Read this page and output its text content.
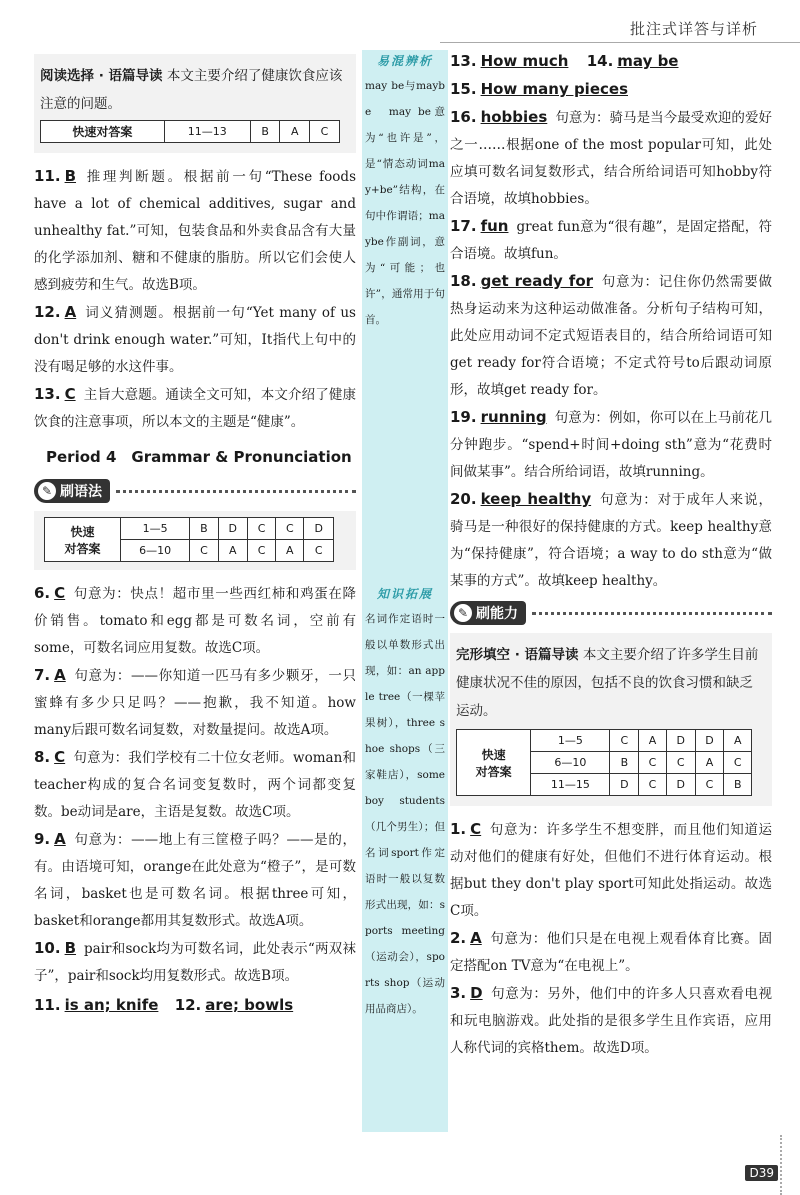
批注式详答与详析
阅读选择 · 语篇导读 本文主要介绍了健康饮食应该注意的问题。
快速对答案	11—13	B	A	C

11. B 推理判断题。根据前一句“These foods have a lot of chemical additives, sugar and unhealthy fat.”可知，包装食品和外卖食品含有大量的化学添加剂、糖和不健康的脂肪。所以它们会使人感到疲劳和生气。故选B项。

12. A 词义猜测题。根据前一句“Yet many of us don't drink enough water.”可知，It指代上句中的没有喝足够的水这件事。

13. C 主旨大意题。通读全文可知，本文介绍了健康饮食的注意事项，所以本文的主题是“健康”。

Period 4　Grammar & Pronunciation
✎ 刷语法
快速
对答案	1—5	B	D	C	C	D
	6—10	C	A	C	A	C

6. C 句意为：快点！超市里一些西红柿和鸡蛋在降价销售。tomato和egg都是可数名词，空前有some，可数名词应用复数。故选C项。

7. A 句意为：——你知道一匹马有多少颗牙，一只蜜蜂有多少只足吗？——抱歉，我不知道。how many后跟可数名词复数，对数量提问。故选A项。

8. C 句意为：我们学校有二十位女老师。woman和teacher构成的复合名词变复数时，两个词都变复数。be动词是are，主语是复数。故选C项。

9. A 句意为：——地上有三筐橙子吗？——是的，有。由语境可知，orange在此处意为“橙子”，是可数名词，basket也是可数名词。根据three可知，basket和orange都用其复数形式。故选A项。

10. B pair和sock均为可数名词，此处表示“两双袜子”，pair和sock均用复数形式。故选B项。

11. is an; knife 12. are; bowls

易混辨析
may be与maybe　may be意为“也许是”，是“情态动词may+be”结构，在句中作谓语；maybe作副词，意为“可能；也许”，通常用于句首。
知识拓展
名词作定语时一般以单数形式出现，如：an apple tree（一棵苹果树），three shoe shops（三家鞋店），some boy students（几个男生）；但名词sport作定语时一般以复数形式出现，如：sports meeting（运动会），sports shop（运动用品商店）。

13. How much 14. may be

15. How many pieces

16. hobbies 句意为：骑马是当今最受欢迎的爱好之一……根据one of the most popular可知，此处应填可数名词复数形式，结合所给词语可知hobby符合语境，故填hobbies。

17. fun great fun意为“很有趣”，是固定搭配，符合语境。故填fun。

18. get ready for 句意为：记住你仍然需要做热身运动来为这种运动做准备。分析句子结构可知，此处应用动词不定式短语表目的，结合所给词语可知get ready for符合语境；不定式符号to后跟动词原形，故填get ready for。

19. running 句意为：例如，你可以在上马前花几分钟跑步。“spend+时间+doing sth”意为“花费时间做某事”。结合所给词语，故填running。

20. keep healthy 句意为：对于成年人来说，骑马是一种很好的保持健康的方式。keep healthy意为“保持健康”，符合语境；a way to do sth意为“做某事的方式”。故填keep healthy。

✎ 刷能力
完形填空 · 语篇导读 本文主要介绍了许多学生目前健康状况不佳的原因，包括不良的饮食习惯和缺乏运动。
快速
对答案	1—5	C	A	D	D	A
	6—10	B	C	C	A	C
	11—15	D	C	D	C	B

1. C 句意为：许多学生不想变胖，而且他们知道运动对他们的健康有好处，但他们不进行体育运动。根据but they don't play sport可知此处指运动。故选C项。

2. A 句意为：他们只是在电视上观看体育比赛。固定搭配on TV意为“在电视上”。

3. D 句意为：另外，他们中的许多人只喜欢看电视和玩电脑游戏。此处指的是很多学生且作宾语，应用人称代词的宾格them。故选D项。

D39
